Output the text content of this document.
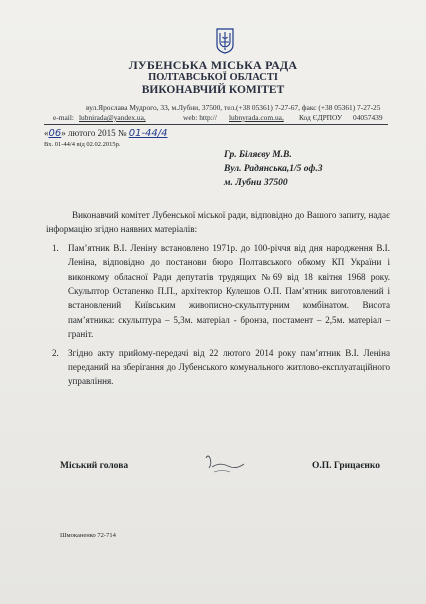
ЛУБЕНСЬКА МІСЬКА РАДА
ПОЛТАВСЬКОЇ ОБЛАСТІ
ВИКОНАВЧИЙ КОМІТЕТ
вул.Ярослава Мудрого, 33, м.Лубни, 37500, тел.(+38 05361) 7-27-67, факс (+38 05361) 7-27-25
e-mail: lubnirada@yandex.ua,	web: http:// lubnyrada.com.ua, Код ЄДРПОУ 04057439
«06» лютого 2015 № 01-44/4
Вх. 01-44/4 від 02.02.2015р.
Гр. Біляєву М.В.
Вул. Радянська,1/5 оф.3
м. Лубни 37500

Виконавчий комітет Лубенської міської ради, відповідно до Вашого запиту, надає інформацію згідно наявних матеріалів:

1. Пам’ятник В.І. Леніну встановлено 1971р. до 100-річчя від дня народження В.І. Леніна, відповідно до постанови бюро Полтавського обкому КП України і виконкому обласної Ради депутатів трудящих №69 від 18 квітня 1968 року. Скульптор Остапенко П.П., архітектор Кулешов О.П. Пам’ятник виготовлений і встановлений Київським живописно-скульптурним комбінатом. Висота пам’ятника: скульптура – 5,3м. матеріал - бронза, постамент – 2,5м. матеріал – граніт.

2. Згідно акту прийому-передачі від 22 лютого 2014 року пам’ятник В.І. Леніна переданий на зберігання до Лубенського комунального житлово-експлуатаційного управління.

Міський голова	О.П. Грицаєнко
Шмоканенко 72-714
